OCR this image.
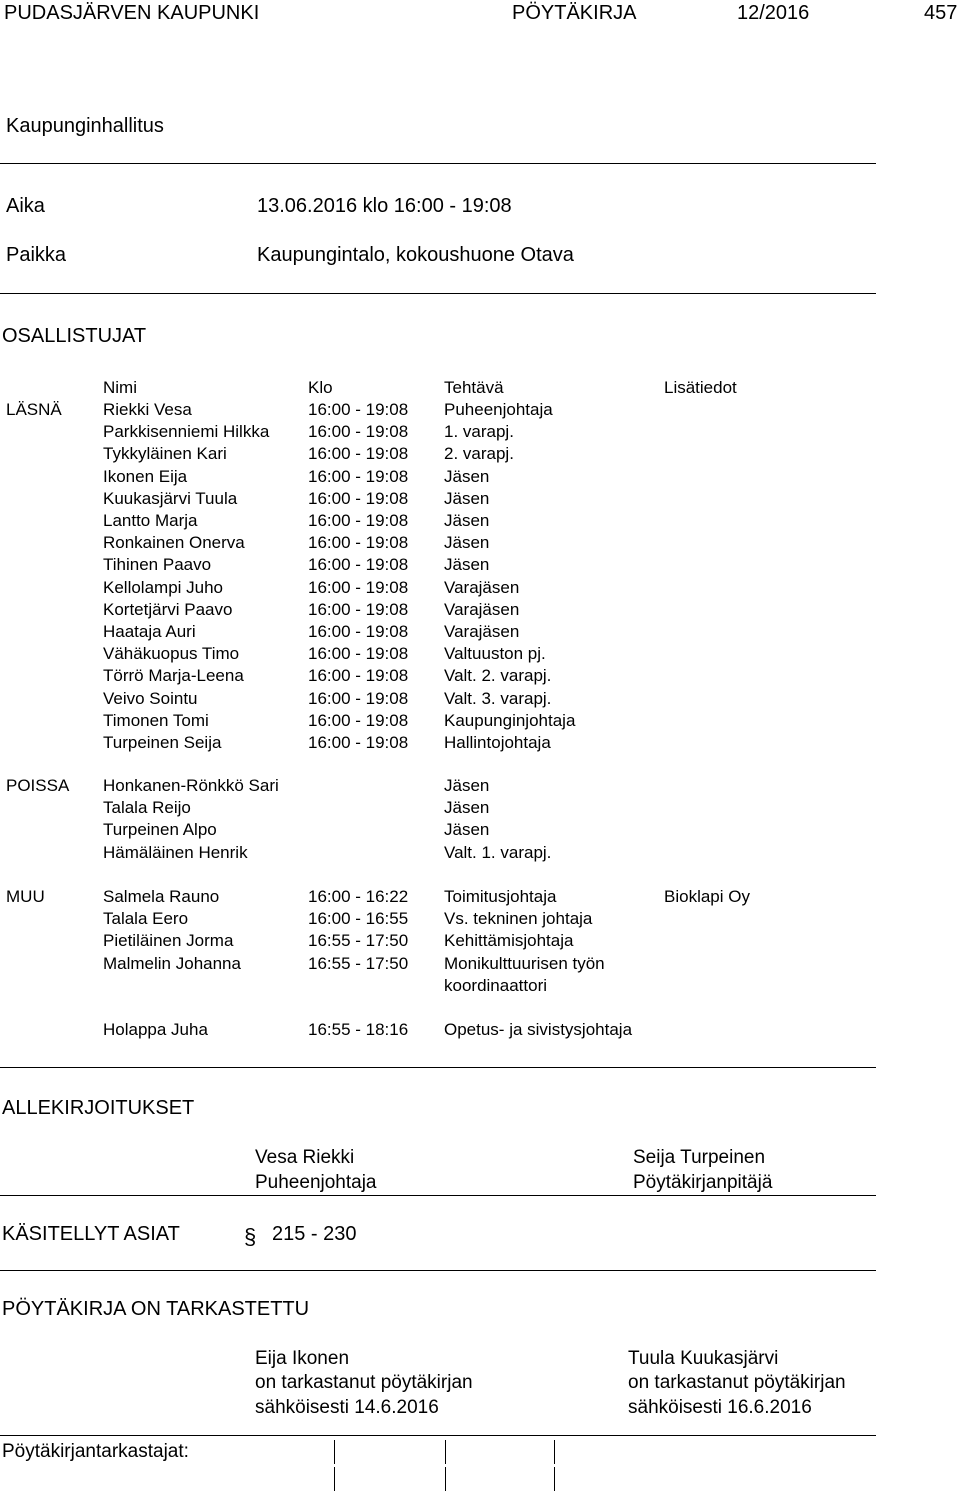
PUDASJÄRVEN KAUPUNKI	PÖYTÄKIRJA	12/2016	457
Kaupunginhallitus
Aika	13.06.2016 klo 16:00 - 19:08
Paikka	Kaupungintalo, kokoushuone Otava
OSALLISTUJAT
Nimi	Klo	Tehtävä	Lisätiedot
LÄSNÄ Riekki Vesa	16:00 - 19:08 Puheenjohtaja
Parkkisenniemi Hilkka 16:00 - 19:08 1. varapj.
Tykkyläinen Kari	16:00 - 19:08 2. varapj.
Ikonen Eija	16:00 - 19:08 Jäsen
Kuukasjärvi Tuula	16:00 - 19:08 Jäsen
Lantto Marja	16:00 - 19:08 Jäsen
Ronkainen Onerva	16:00 - 19:08 Jäsen
Tihinen Paavo	16:00 - 19:08 Jäsen
Kellolampi Juho	16:00 - 19:08 Varajäsen
Kortetjärvi Paavo	16:00 - 19:08 Varajäsen
Haataja Auri	16:00 - 19:08 Varajäsen
Vähäkuopus Timo	16:00 - 19:08 Valtuuston pj.
Törrö Marja-Leena	16:00 - 19:08 Valt. 2. varapj.
Veivo Sointu	16:00 - 19:08 Valt. 3. varapj.
Timonen Tomi	16:00 - 19:08 Kaupunginjohtaja
Turpeinen Seija	16:00 - 19:08 Hallintojohtaja
POISSA Honkanen-Rönkkö Sari	Jäsen
Talala Reijo	Jäsen
Turpeinen Alpo	Jäsen
Hämäläinen Henrik	Valt. 1. varapj.
MUU	Salmela Rauno	16:00 - 16:22 Toimitusjohtaja	Bioklapi Oy
Talala Eero	16:00 - 16:55 Vs. tekninen johtaja
Pietiläinen Jorma	16:55 - 17:50 Kehittämisjohtaja
Malmelin Johanna	16:55 - 17:50 Monikulttuurisen työn
koordinaattori
Holappa Juha	16:55 - 18:16 Opetus- ja sivistysjohtaja
ALLEKIRJOITUKSET
Vesa Riekki
Puheenjohtaja
Seija Turpeinen
Pöytäkirjanpitäjä
KÄSITELLYT ASIAT	§ 215 - 230
PÖYTÄKIRJA ON TARKASTETTU
Eija Ikonen
on tarkastanut pöytäkirjan
sähköisesti 14.6.2016
Tuula Kuukasjärvi
on tarkastanut pöytäkirjan
sähköisesti 16.6.2016
Pöytäkirjantarkastajat:
